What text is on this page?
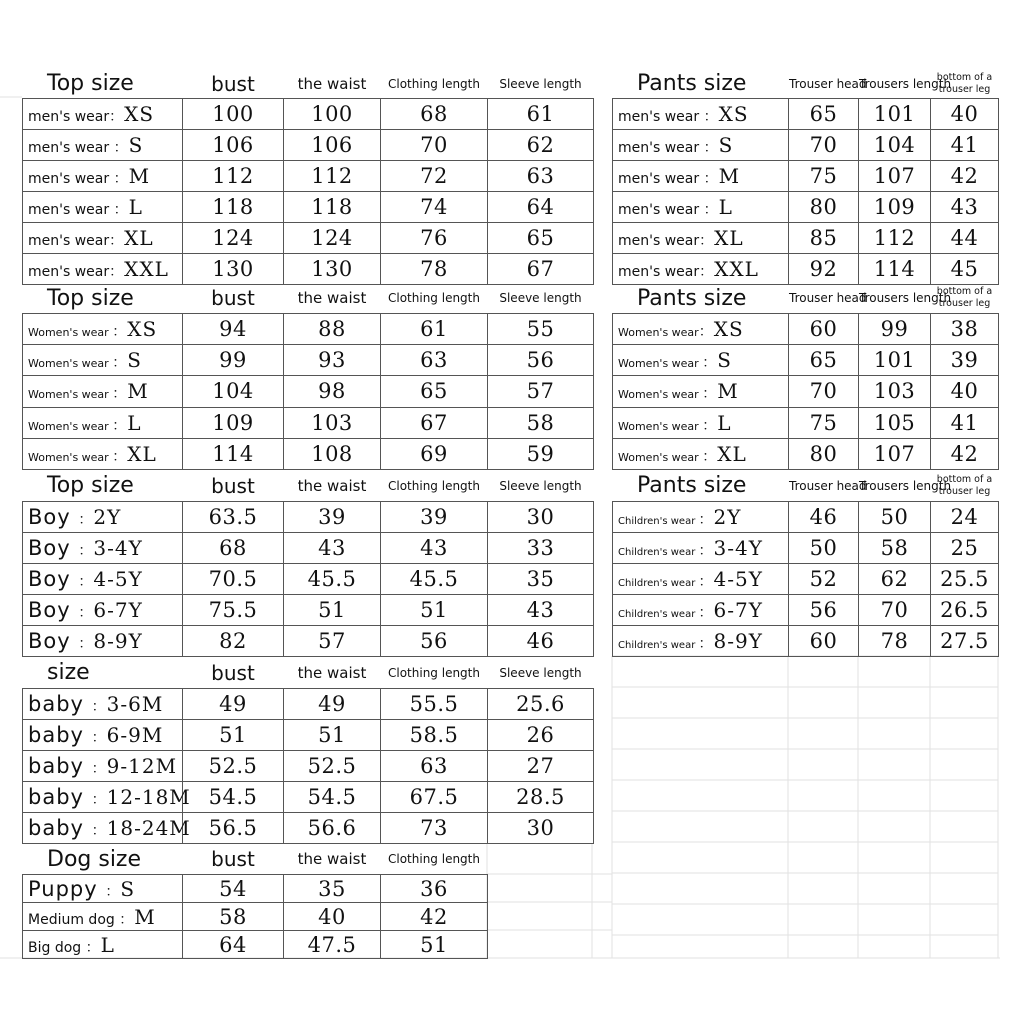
Top size	bust	the waist	Clothing length	Sleeve length
men's wear：XS	100	100	68	61
men's wear ：S	106	106	70	62
men's wear ：M	112	112	72	63
men's wear ：L	118	118	74	64
men's wear：XL	124	124	76	65
men's wear：XXL	130	130	78	67
Top size	bust	the waist	Clothing length	Sleeve length
Women's wear ：XS	94	88	61	55
Women's wear ：S	99	93	63	56
Women's wear ：M	104	98	65	57
Women's wear ：L	109	103	67	58
Women's wear ：XL	114	108	69	59
Top size	bust	the waist	Clothing length	Sleeve length
Boy ：2Y	63.5	39	39	30
Boy ：3-4Y	68	43	43	33
Boy ：4-5Y	70.5	45.5	45.5	35
Boy ：6-7Y	75.5	51	51	43
Boy ：8-9Y	82	57	56	46
size	bust	the waist	Clothing length	Sleeve length
baby ：3-6M	49	49	55.5	25.6
baby ：6-9M	51	51	58.5	26
baby ：9-12M	52.5	52.5	63	27
baby ：12-18M	54.5	54.5	67.5	28.5
baby ：18-24M	56.5	56.6	73	30
Dog size	bust	the waist	Clothing length
Puppy ：S	54	35	36
Medium dog ：M	58	40	42
Big dog ：L	64	47.5	51
Pants size	Trouser head	Trousers length	bottom of a trouser leg
men's wear ：XS	65	101	40
men's wear ：S	70	104	41
men's wear ：M	75	107	42
men's wear ：L	80	109	43
men's wear：XL	85	112	44
men's wear：XXL	92	114	45
Pants size	Trouser head	Trousers length	bottom of a trouser leg
Women's wear：XS	60	99	38
Women's wear ：S	65	101	39
Women's wear ：M	70	103	40
Women's wear ：L	75	105	41
Women's wear ：XL	80	107	42
Pants size	Trouser head	Trousers length	bottom of a trouser leg
Children's wear ：2Y	46	50	24
Children's wear ：3-4Y	50	58	25
Children's wear ：4-5Y	52	62	25.5
Children's wear ：6-7Y	56	70	26.5
Children's wear ：8-9Y	60	78	27.5
